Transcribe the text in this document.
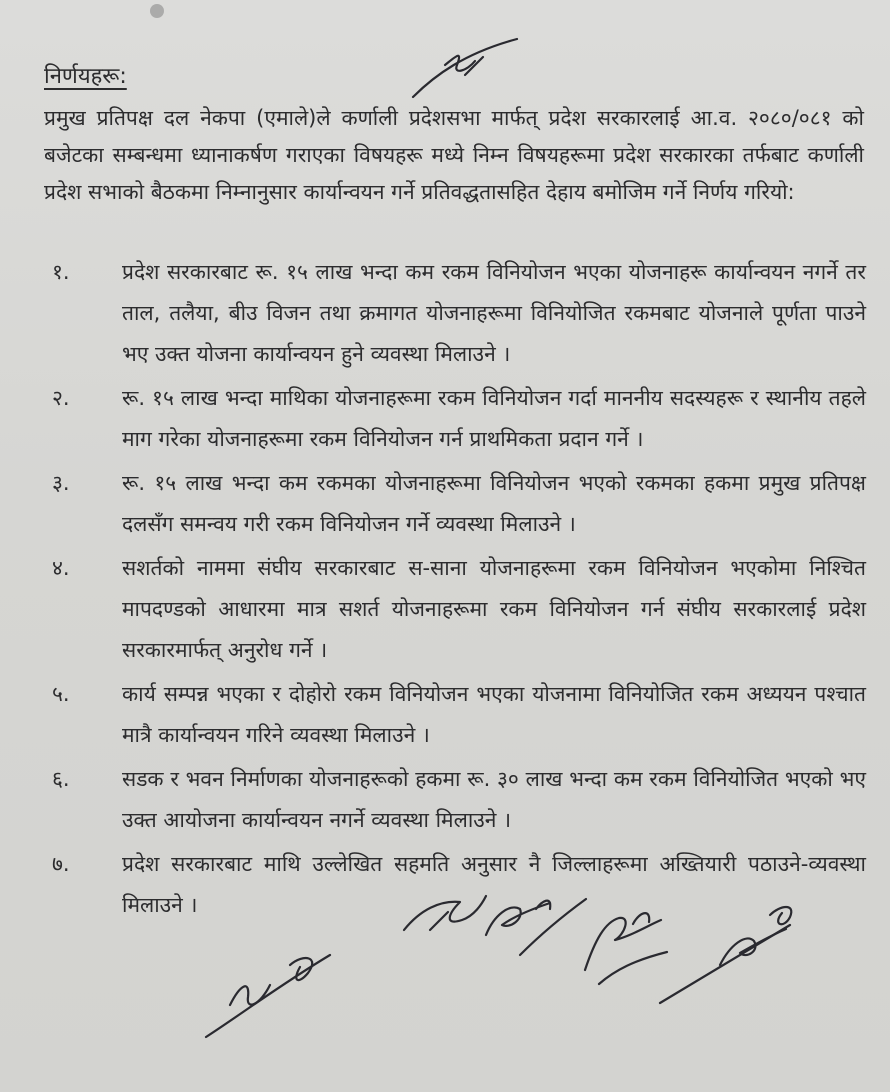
निर्णयहरू:
प्रमुख प्रतिपक्ष दल नेकपा (एमाले)ले कर्णाली प्रदेशसभा मार्फत् प्रदेश सरकारलाई आ.व. २०८०/०८१ को बजेटका सम्बन्धमा ध्यानाकर्षण गराएका विषयहरू मध्ये निम्न विषयहरूमा प्रदेश सरकारका तर्फबाट कर्णाली प्रदेश सभाको बैठकमा निम्नानुसार कार्यान्वयन गर्ने प्रतिवद्धतासहित देहाय बमोजिम गर्ने निर्णय गरियो:
१.	प्रदेश सरकारबाट रू. १५ लाख भन्दा कम रकम विनियोजन भएका योजनाहरू कार्यान्वयन नगर्ने तर ताल, तलैया, बीउ विजन तथा क्रमागत योजनाहरूमा विनियोजित रकमबाट योजनाले पूर्णता पाउने भए उक्त योजना कार्यान्वयन हुने व्यवस्था मिलाउने ।
२.	रू. १५ लाख भन्दा माथिका योजनाहरूमा रकम विनियोजन गर्दा माननीय सदस्यहरू र स्थानीय तहले माग गरेका योजनाहरूमा रकम विनियोजन गर्न प्राथमिकता प्रदान गर्ने ।
३.	रू. १५ लाख भन्दा कम रकमका योजनाहरूमा विनियोजन भएको रकमका हकमा प्रमुख प्रतिपक्ष दलसँग समन्वय गरी रकम विनियोजन गर्ने व्यवस्था मिलाउने ।
४.	सशर्तको नाममा संघीय सरकारबाट स-साना योजनाहरूमा रकम विनियोजन भएकोमा निश्चित मापदण्डको आधारमा मात्र सशर्त योजनाहरूमा रकम विनियोजन गर्न संघीय सरकारलाई प्रदेश सरकारमार्फत् अनुरोध गर्ने ।
५.	कार्य सम्पन्न भएका र दोहोरो रकम विनियोजन भएका योजनामा विनियोजित रकम अध्ययन पश्चात मात्रै कार्यान्वयन गरिने व्यवस्था मिलाउने ।
६.	सडक र भवन निर्माणका योजनाहरूको हकमा रू. ३० लाख भन्दा कम रकम विनियोजित भएको भए उक्त आयोजना कार्यान्वयन नगर्ने व्यवस्था मिलाउने ।
७.	प्रदेश सरकारबाट माथि उल्लेखित सहमति अनुसार नै जिल्लाहरूमा अख्तियारी पठाउने-व्यवस्था मिलाउने ।
